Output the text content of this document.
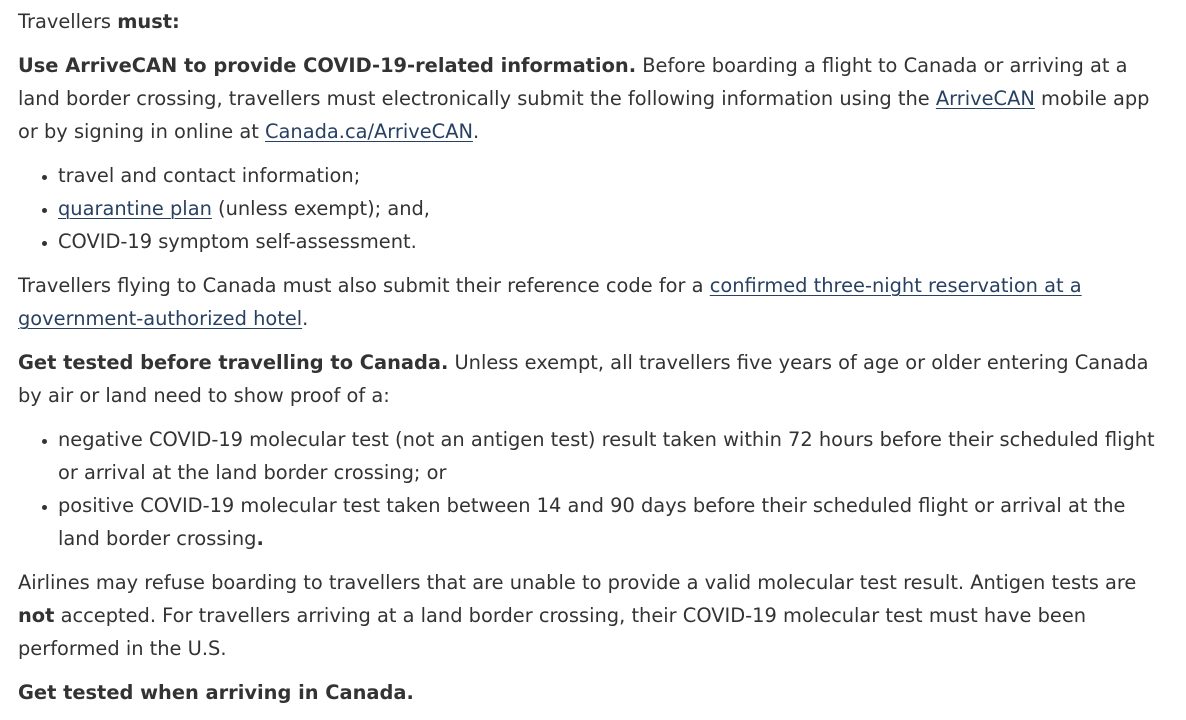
Travellers must:

Use ArriveCAN to provide COVID-19-related information. Before boarding a flight to Canada or arriving at a land border crossing, travellers must electronically submit the following information using the ArriveCAN mobile app or by signing in online at Canada.ca/ArriveCAN.

• travel and contact information;
• quarantine plan (unless exempt); and,
• COVID-19 symptom self-assessment.

Travellers flying to Canada must also submit their reference code for a confirmed three-night reservation at a government-authorized hotel.

Get tested before travelling to Canada. Unless exempt, all travellers five years of age or older entering Canada by air or land need to show proof of a:

• negative COVID-19 molecular test (not an antigen test) result taken within 72 hours before their scheduled flight or arrival at the land border crossing; or
• positive COVID-19 molecular test taken between 14 and 90 days before their scheduled flight or arrival at the land border crossing.

Airlines may refuse boarding to travellers that are unable to provide a valid molecular test result. Antigen tests are not accepted. For travellers arriving at a land border crossing, their COVID-19 molecular test must have been performed in the U.S.

Get tested when arriving in Canada.
